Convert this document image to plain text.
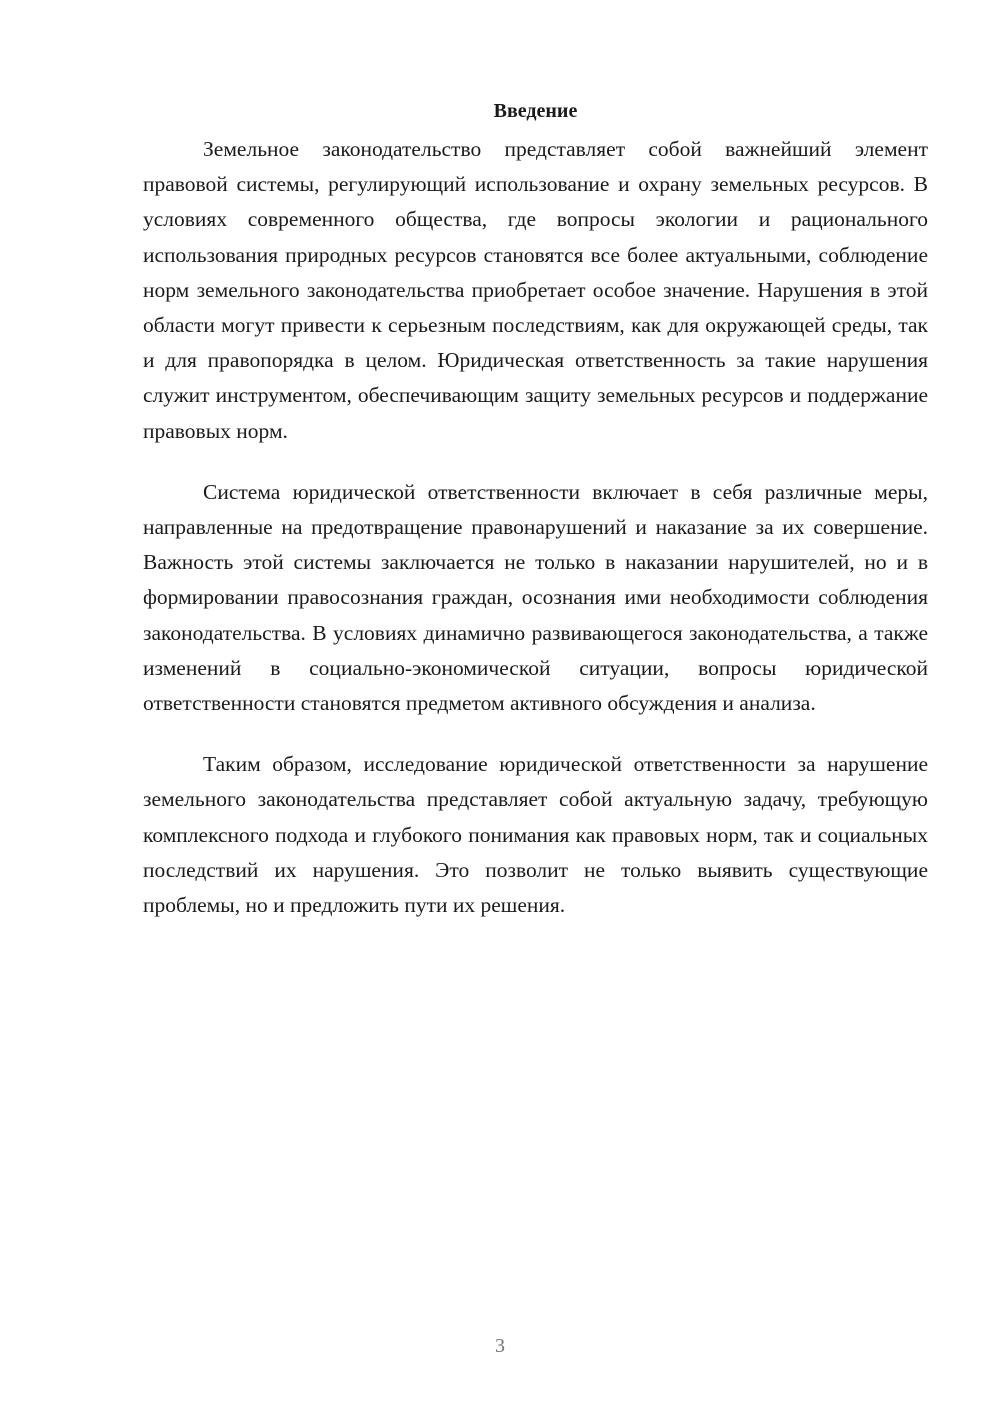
Введение

Земельное законодательство представляет собой важнейший элемент правовой системы, регулирующий использование и охрану земельных ресурсов. В условиях современного общества, где вопросы экологии и рационального использования природных ресурсов становятся все более актуальными, соблюдение норм земельного законодательства приобретает особое значение. Нарушения в этой области могут привести к серьезным последствиям, как для окружающей среды, так и для правопорядка в целом. Юридическая ответственность за такие нарушения служит инструментом, обеспечивающим защиту земельных ресурсов и поддержание правовых норм.

Система юридической ответственности включает в себя различные меры, направленные на предотвращение правонарушений и наказание за их совершение. Важность этой системы заключается не только в наказании нарушителей, но и в формировании правосознания граждан, осознания ими необходимости соблюдения законодательства. В условиях динамично развивающегося законодательства, а также изменений в социально-экономической ситуации, вопросы юридической ответственности становятся предметом активного обсуждения и анализа.

Таким образом, исследование юридической ответственности за нарушение земельного законодательства представляет собой актуальную задачу, требующую комплексного подхода и глубокого понимания как правовых норм, так и социальных последствий их нарушения. Это позволит не только выявить существующие проблемы, но и предложить пути их решения.

3
